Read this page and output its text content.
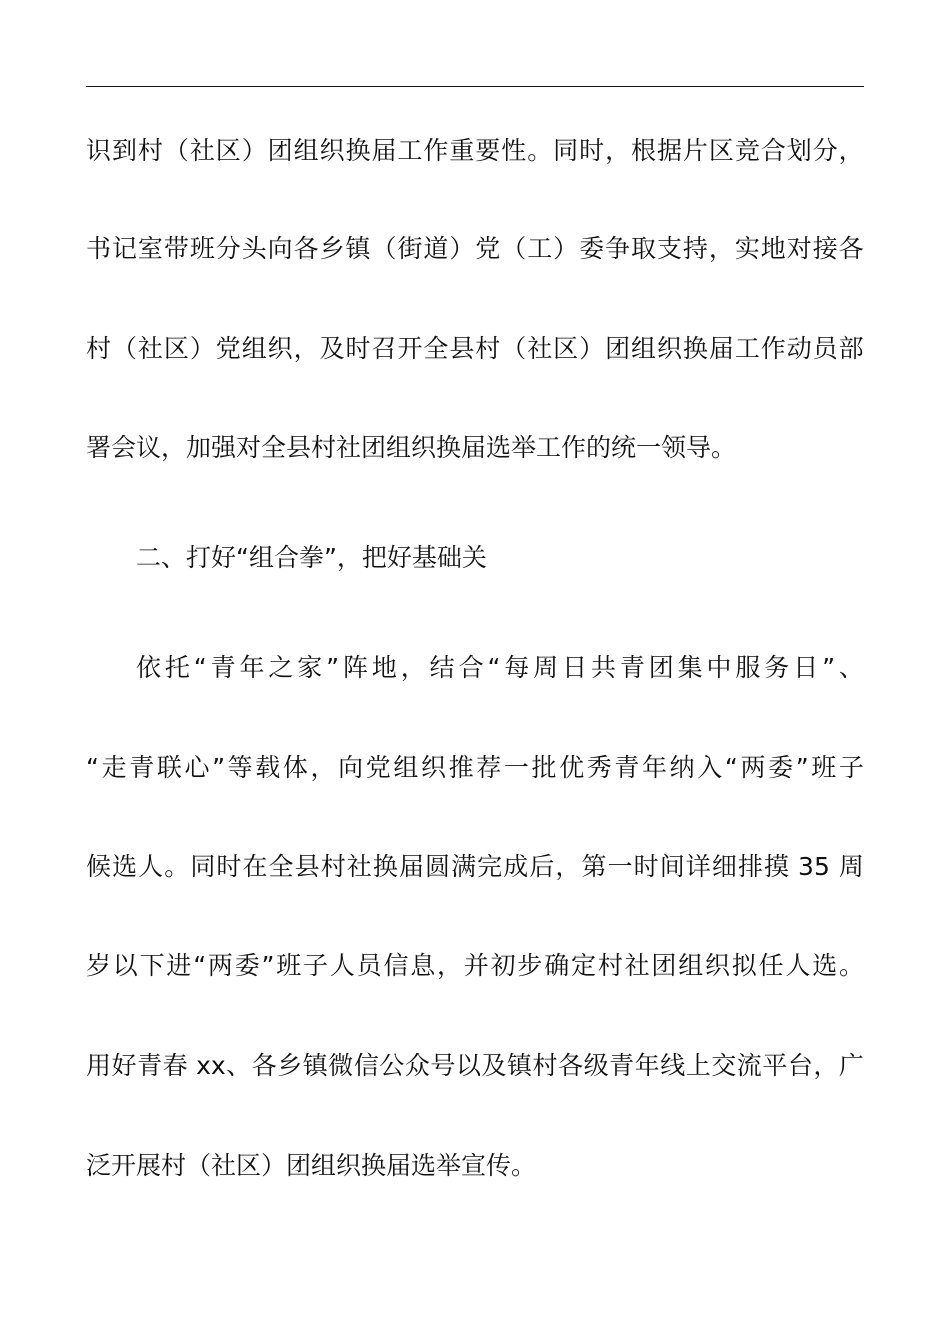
识 到 村 （ 社 区 ） 团 组 织 换 届 工 作 重 要 性 。 同 时 ， 根 据 片 区 竞 合 划 分 ，
书 记 室 带 班 分 头 向 各 乡 镇 （ 街 道 ） 党 （ 工 ） 委 争 取 支 持 ， 实 地 对 接 各
村 （ 社 区 ） 党 组 织 ， 及 时 召 开 全 县 村 （ 社 区 ） 团 组 织 换 届 工 作 动 员 部
署会议，加强对全县村社团组织换届选举工作的统一领导。
二、打好“组合拳”，把好基础关
依 托 “ 青 年 之 家 ” 阵 地 ， 结 合 “ 每 周 日 共 青 团 集 中 服 务 日 ” 、
“ 走 青 联 心 ” 等 载 体 ， 向 党 组 织 推 荐 一 批 优 秀 青 年 纳 入 “ 两 委 ” 班 子
候 选 人 。 同 时 在 全 县 村 社 换 届 圆 满 完 成 后 ， 第 一 时 间 详 细 排 摸 35 周
岁 以 下 进 “ 两 委 ” 班 子 人 员 信 息 ， 并 初 步 确 定 村 社 团 组 织 拟 任 人 选 。
用 好 青 春 xx 、 各 乡 镇 微 信 公 众 号 以 及 镇 村 各 级 青 年 线 上 交 流 平 台 ， 广
泛开展村（社区）团组织换届选举宣传。
